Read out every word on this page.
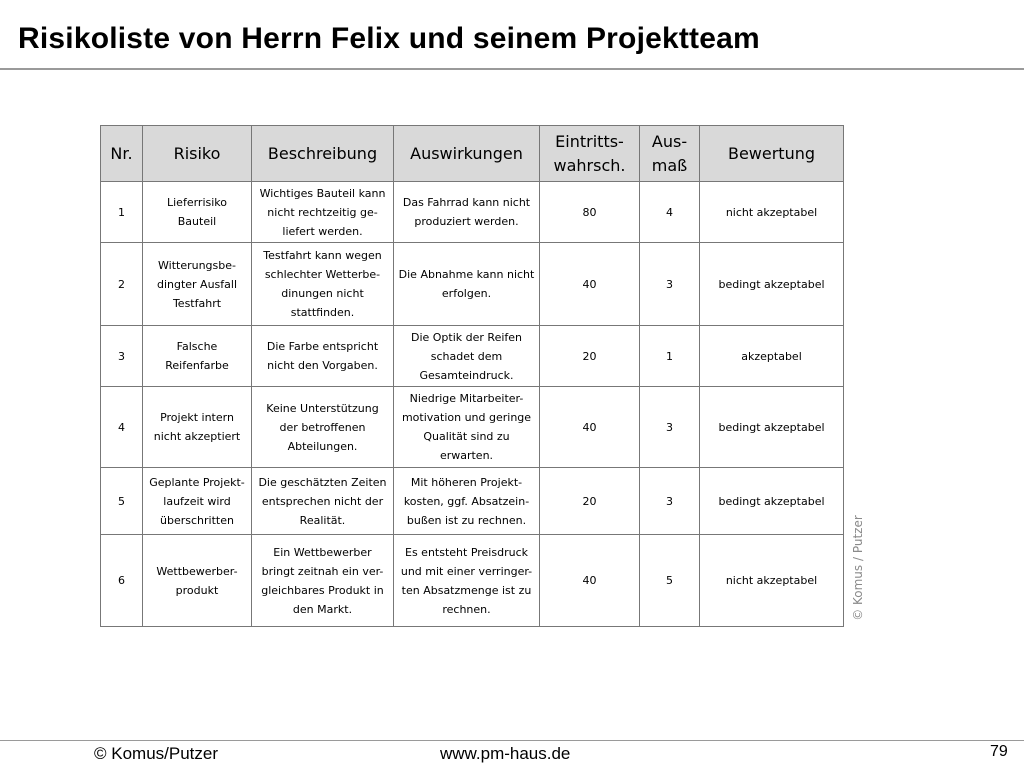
Risikoliste von Herrn Felix und seinem Projektteam
Nr.	Risiko	Beschreibung	Auswirkungen	Eintritts-
wahrsch.	Aus-
maß	Bewertung
1	Lieferrisiko
Bauteil	Wichtiges Bauteil kann
nicht rechtzeitig ge-
liefert werden.	Das Fahrrad kann nicht
produziert werden.	80	4	nicht akzeptabel
2	Witterungsbe-
dingter Ausfall
Testfahrt	Testfahrt kann wegen
schlechter Wetterbe-
dinungen nicht
stattfinden.	Die Abnahme kann nicht
erfolgen.	40	3	bedingt akzeptabel
3	Falsche
Reifenfarbe	Die Farbe entspricht
nicht den Vorgaben.	Die Optik der Reifen
schadet dem
Gesamteindruck.	20	1	akzeptabel
4	Projekt intern
nicht akzeptiert	Keine Unterstützung
der betroffenen
Abteilungen.	Niedrige Mitarbeiter-
motivation und geringe
Qualität sind zu
erwarten.	40	3	bedingt akzeptabel
5	Geplante Projekt-
laufzeit wird
überschritten	Die geschätzten Zeiten
entsprechen nicht der
Realität.	Mit höheren Projekt-
kosten, ggf. Absatzein-
bußen ist zu rechnen.	20	3	bedingt akzeptabel
6	Wettbewerber-
produkt	Ein Wettbewerber
bringt zeitnah ein ver-
gleichbares Produkt in
den Markt.	Es entsteht Preisdruck
und mit einer verringer-
ten Absatzmenge ist zu
rechnen.	40	5	nicht akzeptabel	© Komus / Putzer
© Komus/Putzer	www.pm-haus.de	79
